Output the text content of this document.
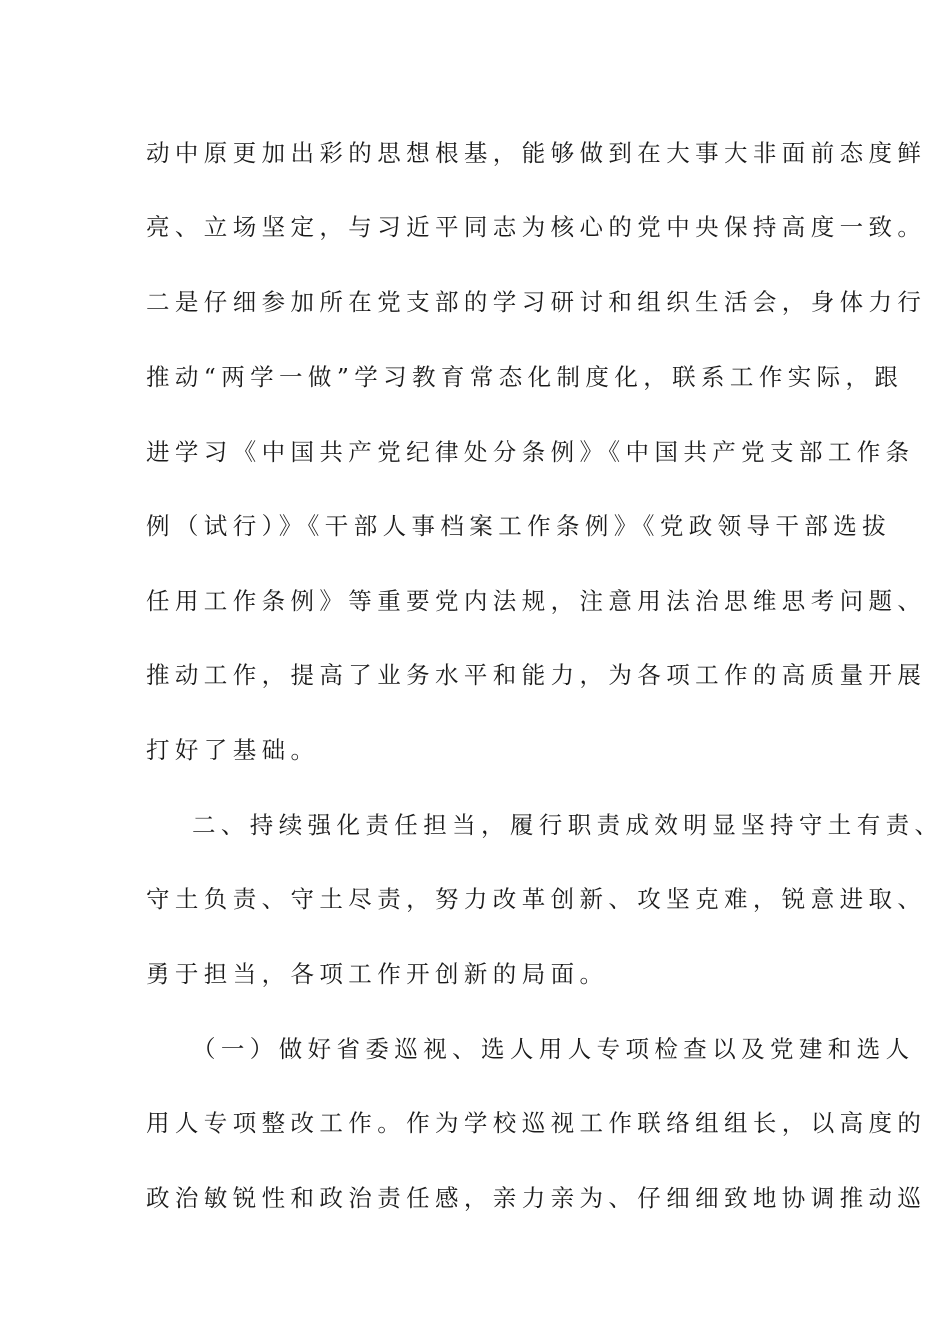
动中原更加出彩的思想根基，能够做到在大事大非面前态度鲜
亮、立场坚定，与习近平同志为核心的党中央保持高度一致。
二是仔细参加所在党支部的学习研讨和组织生活会，身体力行
推动“两学一做”学习教育常态化制度化，联系工作实际，跟
进学习《中国共产党纪律处分条例》《中国共产党支部工作条
例（试行）》《干部人事档案工作条例》《党政领导干部选拔
任用工作条例》等重要党内法规，注意用法治思维思考问题、
推动工作，提高了业务水平和能力，为各项工作的高质量开展
打好了基础。
二、持续强化责任担当，履行职责成效明显坚持守土有责、
守土负责、守土尽责，努力改革创新、攻坚克难，锐意进取、
勇于担当，各项工作开创新的局面。
（一）做好省委巡视、选人用人专项检查以及党建和选人
用人专项整改工作。作为学校巡视工作联络组组长，以高度的
政治敏锐性和政治责任感，亲力亲为、仔细细致地协调推动巡
